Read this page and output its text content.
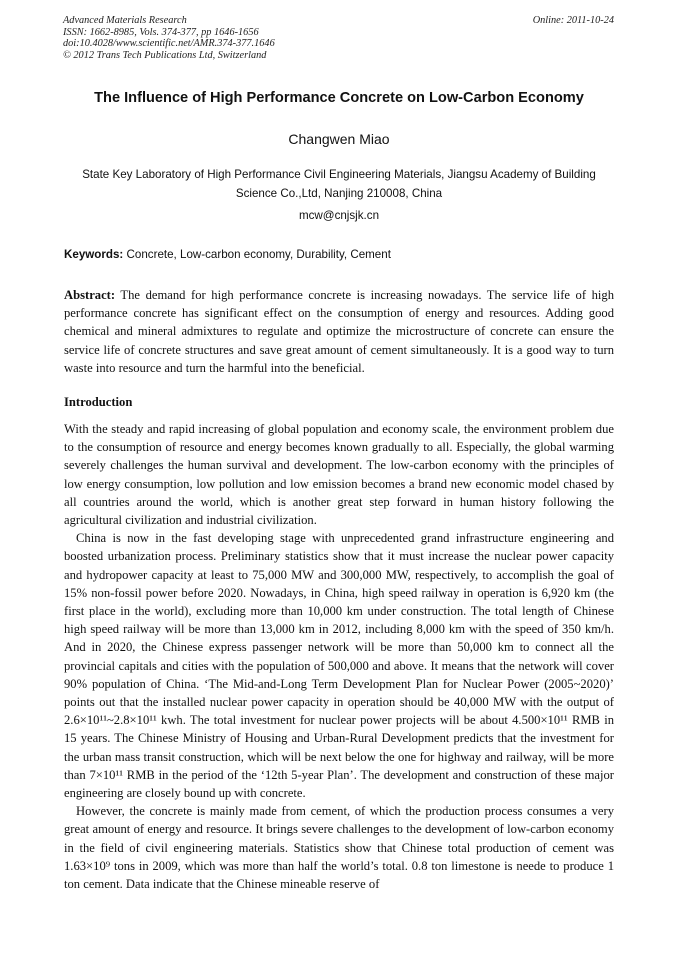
Advanced Materials Research
ISSN: 1662-8985, Vols. 374-377, pp 1646-1656
doi:10.4028/www.scientific.net/AMR.374-377.1646
© 2012 Trans Tech Publications Ltd, Switzerland
Online: 2011-10-24
The Influence of High Performance Concrete on Low-Carbon Economy
Changwen Miao
State Key Laboratory of High Performance Civil Engineering Materials, Jiangsu Academy of Building Science Co.,Ltd, Nanjing 210008, China
mcw@cnjsjk.cn
Keywords: Concrete, Low-carbon economy, Durability, Cement
Abstract: The demand for high performance concrete is increasing nowadays. The service life of high performance concrete has significant effect on the consumption of energy and resources. Adding good chemical and mineral admixtures to regulate and optimize the microstructure of concrete can ensure the service life of concrete structures and save great amount of cement simultaneously. It is a good way to turn waste into resource and turn the harmful into the beneficial.
Introduction

With the steady and rapid increasing of global population and economy scale, the environment problem due to the consumption of resource and energy becomes known gradually to all. Especially, the global warming severely challenges the human survival and development. The low-carbon economy with the principles of low energy consumption, low pollution and low emission becomes a brand new economic model chased by all countries around the world, which is another great step forward in human history following the agricultural civilization and industrial civilization.

China is now in the fast developing stage with unprecedented grand infrastructure engineering and boosted urbanization process. Preliminary statistics show that it must increase the nuclear power capacity and hydropower capacity at least to 75,000 MW and 300,000 MW, respectively, to accomplish the goal of 15% non-fossil power before 2020. Nowadays, in China, high speed railway in operation is 6,920 km (the first place in the world), excluding more than 10,000 km under construction. The total length of Chinese high speed railway will be more than 13,000 km in 2012, including 8,000 km with the speed of 350 km/h. And in 2020, the Chinese express passenger network will be more than 50,000 km to connect all the provincial capitals and cities with the population of 500,000 and above. It means that the network will cover 90% population of China. ‘The Mid-and-Long Term Development Plan for Nuclear Power (2005~2020)’ points out that the installed nuclear power capacity in operation should be 40,000 MW with the output of 2.6×10¹¹~2.8×10¹¹ kwh. The total investment for nuclear power projects will be about 4.500×10¹¹ RMB in 15 years. The Chinese Ministry of Housing and Urban-Rural Development predicts that the investment for the urban mass transit construction, which will be next below the one for highway and railway, will be more than 7×10¹¹ RMB in the period of the ‘12th 5-year Plan’. The development and construction of these major engineering are closely bound up with concrete.

However, the concrete is mainly made from cement, of which the production process consumes a very great amount of energy and resource. It brings severe challenges to the development of low-carbon economy in the field of civil engineering materials. Statistics show that Chinese total production of cement was 1.63×10⁹ tons in 2009, which was more than half the world’s total. 0.8 ton limestone is neede to produce 1 ton cement. Data indicate that the Chinese mineable reserve of
